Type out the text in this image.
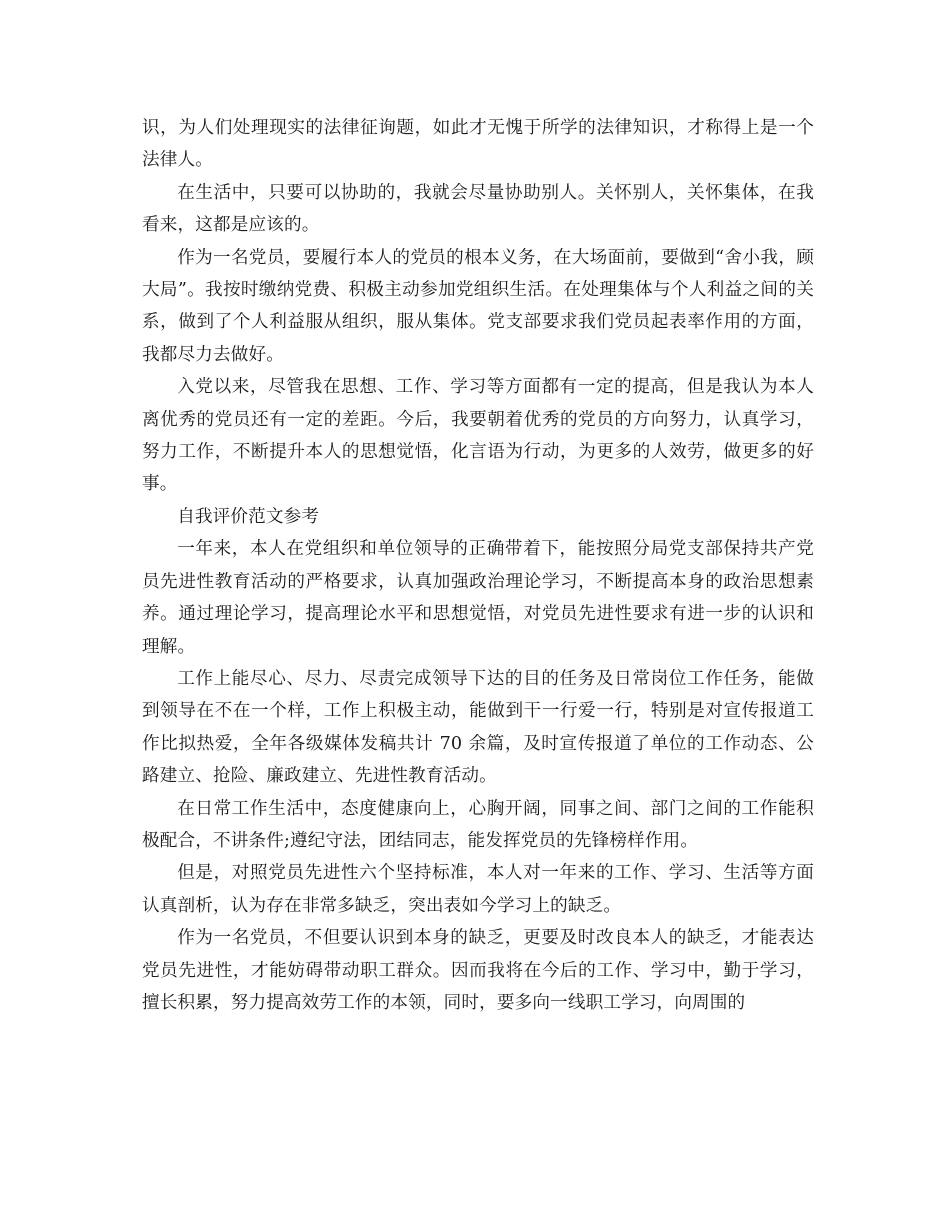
识，为人们处理现实的法律征询题，如此才无愧于所学的法律知识，才称得上是一个法律人。

在生活中，只要可以协助的，我就会尽量协助别人。关怀别人，关怀集体，在我看来，这都是应该的。

作为一名党员，要履行本人的党员的根本义务，在大场面前，要做到“舍小我，顾大局”。我按时缴纳党费、积极主动参加党组织生活。在处理集体与个人利益之间的关系，做到了个人利益服从组织，服从集体。党支部要求我们党员起表率作用的方面，我都尽力去做好。

入党以来，尽管我在思想、工作、学习等方面都有一定的提高，但是我认为本人离优秀的党员还有一定的差距。今后，我要朝着优秀的党员的方向努力，认真学习，努力工作，不断提升本人的思想觉悟，化言语为行动，为更多的人效劳，做更多的好事。

自我评价范文参考

一年来，本人在党组织和单位领导的正确带着下，能按照分局党支部保持共产党员先进性教育活动的严格要求，认真加强政治理论学习，不断提高本身的政治思想素养。通过理论学习，提高理论水平和思想觉悟，对党员先进性要求有进一步的认识和理解。

工作上能尽心、尽力、尽责完成领导下达的目的任务及日常岗位工作任务，能做到领导在不在一个样，工作上积极主动，能做到干一行爱一行，特别是对宣传报道工作比拟热爱，全年各级媒体发稿共计 70 余篇，及时宣传报道了单位的工作动态、公路建立、抢险、廉政建立、先进性教育活动。

在日常工作生活中，态度健康向上，心胸开阔，同事之间、部门之间的工作能积极配合，不讲条件;遵纪守法，团结同志，能发挥党员的先锋榜样作用。

但是，对照党员先进性六个坚持标准，本人对一年来的工作、学习、生活等方面认真剖析，认为存在非常多缺乏，突出表如今学习上的缺乏。

作为一名党员，不但要认识到本身的缺乏，更要及时改良本人的缺乏，才能表达党员先进性，才能妨碍带动职工群众。因而我将在今后的工作、学习中，勤于学习，擅长积累，努力提高效劳工作的本领，同时，要多向一线职工学习，向周围的
